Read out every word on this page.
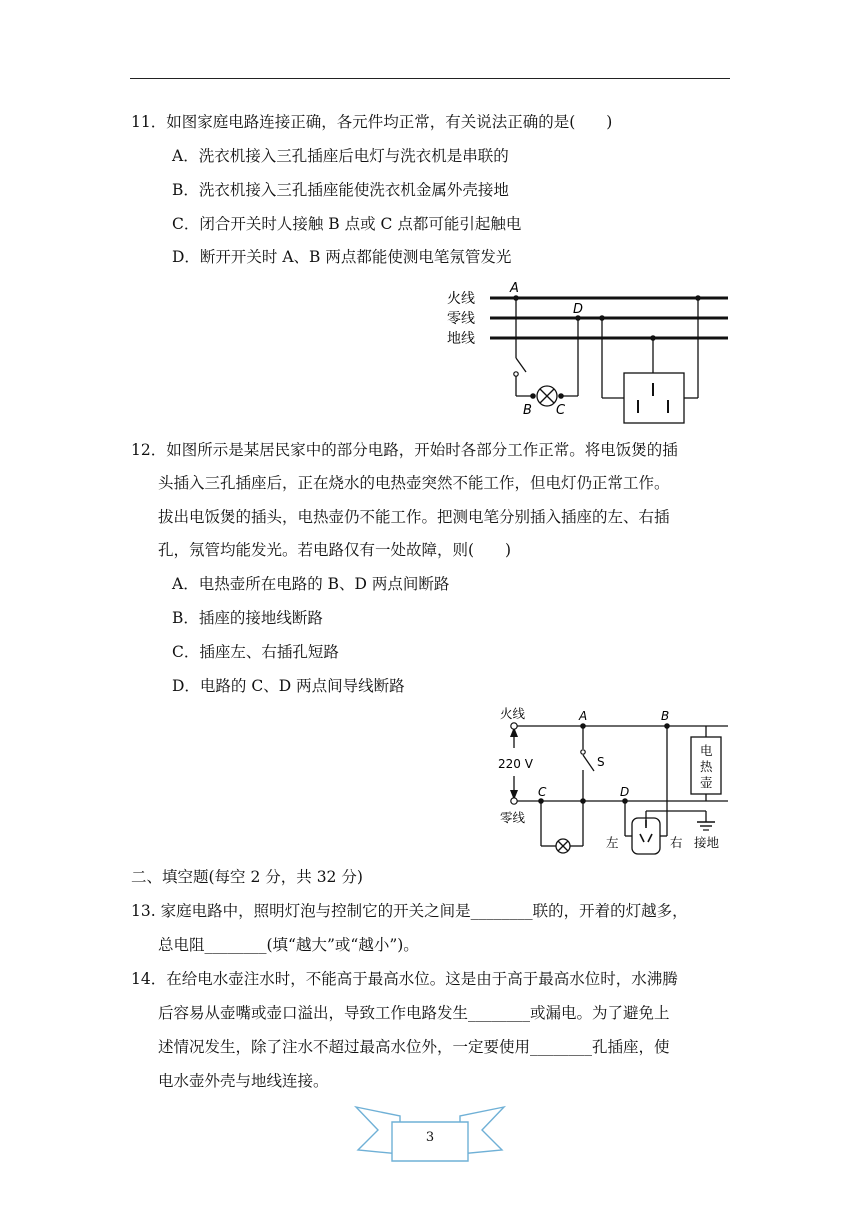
11．如图家庭电路连接正确，各元件均正常，有关说法正确的是(　　)
A．洗衣机接入三孔插座后电灯与洗衣机是串联的
B．洗衣机接入三孔插座能使洗衣机金属外壳接地
C．闭合开关时人接触 B 点或 C 点都可能引起触电
D．断开开关时 A、B 两点都能使测电笔氖管发光
火线
零线
地线
A
D
B C
12．如图所示是某居民家中的部分电路，开始时各部分工作正常。将电饭煲的插
头插入三孔插座后，正在烧水的电热壶突然不能工作，但电灯仍正常工作。
拔出电饭煲的插头，电热壶仍不能工作。把测电笔分别插入插座的左、右插
孔，氖管均能发光。若电路仅有一处故障，则(　　)
A．电热壶所在电路的 B、D 两点间断路
B．插座的接地线断路
C．插座左、右插孔短路
D．电路的 C、D 两点间导线断路
火线
220 V
零线
A	B
C	D
S
电
热
壶
左	右 接地
二、填空题(每空 2 分，共 32 分)
13. 家庭电路中，照明灯泡与控制它的开关之间是________联的，开着的灯越多，
总电阻________(填“越大”或“越小”)。
14．在给电水壶注水时，不能高于最高水位。这是由于高于最高水位时，水沸腾
后容易从壶嘴或壶口溢出，导致工作电路发生________或漏电。为了避免上
述情况发生，除了注水不超过最高水位外，一定要使用________孔插座，使
电水壶外壳与地线连接。
3
